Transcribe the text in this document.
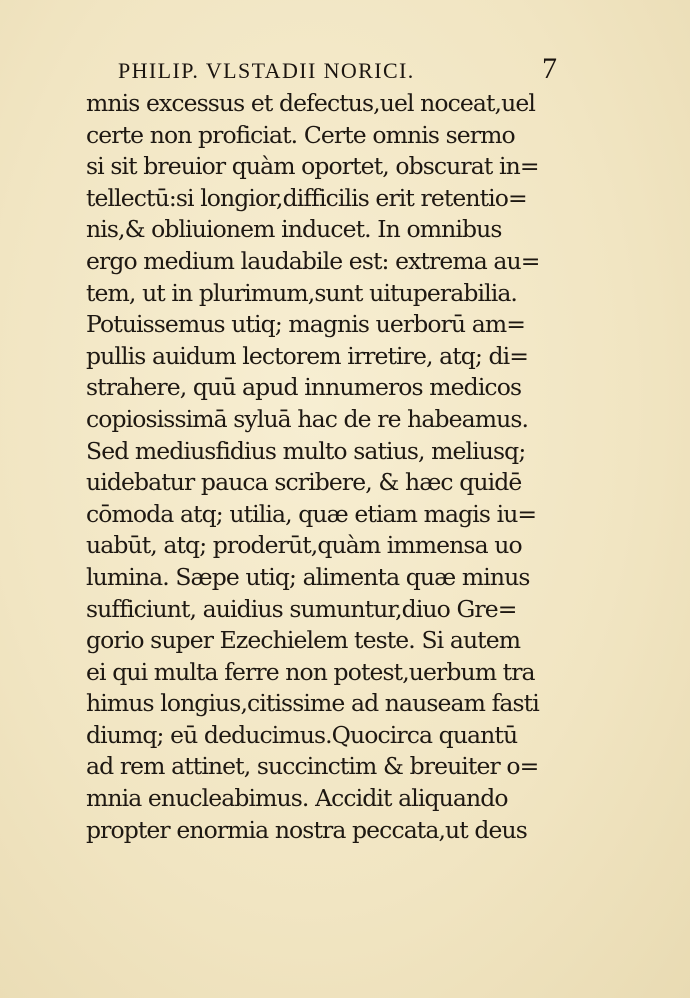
PHILIP. VLSTADII NORICI.	7
mnis excessus et defectus,uel noceat,uel
certe non proficiat. Certe omnis sermo
si sit breuior quàm oportet, obscurat in=
tellectū:si longior,difficilis erit retentio=
nis,& obliuionem inducet. In omnibus
ergo medium laudabile est: extrema au=
tem, ut in plurimum,sunt uituperabilia.
Potuissemus utiq; magnis uerborū am=
pullis auidum lectorem irretire, atq; di=
strahere, quū apud innumeros medicos
copiosissimā syluā hac de re habeamus.
Sed mediusfidius multo satius, meliusq;
uidebatur pauca scribere, & hæc quidē
cōmoda atq; utilia, quæ etiam magis iu=
uabūt, atq; proderūt,quàm immensa uo
lumina. Sæpe utiq; alimenta quæ minus
sufficiunt, auidius sumuntur,diuo Gre=
gorio super Ezechielem teste. Si autem
ei qui multa ferre non potest,uerbum tra
himus longius,citissime ad nauseam fasti
diumq; eū deducimus.Quocirca quantū
ad rem attinet, succinctim & breuiter o=
mnia enucleabimus. Accidit aliquando
propter enormia nostra peccata,ut deus
